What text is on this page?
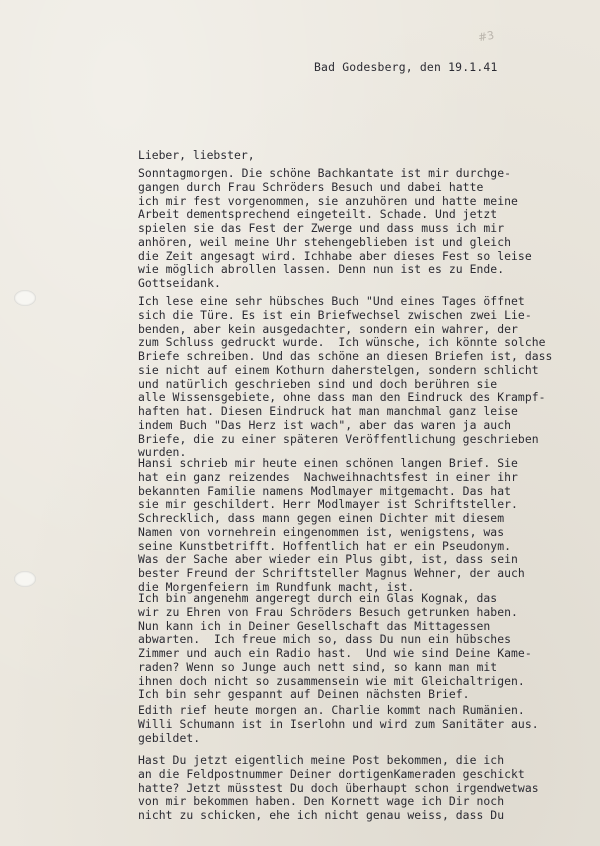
#3
Bad Godesberg, den 19.1.41
Lieber, liebster,
Sonntagmorgen. Die schöne Bachkantate ist mir durchge-
gangen durch Frau Schröders Besuch und dabei hatte
ich mir fest vorgenommen, sie anzuhören und hatte meine
Arbeit dementsprechend eingeteilt. Schade. Und jetzt
spielen sie das Fest der Zwerge und dass muss ich mir
anhören, weil meine Uhr stehengeblieben ist und gleich
die Zeit angesagt wird. Ichhabe aber dieses Fest so leise
wie möglich abrollen lassen. Denn nun ist es zu Ende.
Gottseidank.
Ich lese eine sehr hübsches Buch "Und eines Tages öffnet
sich die Türe. Es ist ein Briefwechsel zwischen zwei Lie-
benden, aber kein ausgedachter, sondern ein wahrer, der
zum Schluss gedruckt wurde.  Ich wünsche, ich könnte solche
Briefe schreiben. Und das schöne an diesen Briefen ist, dass
sie nicht auf einem Kothurn daherstelgen, sondern schlicht
und natürlich geschrieben sind und doch berühren sie
alle Wissensgebiete, ohne dass man den Eindruck des Krampf-
haften hat. Diesen Eindruck hat man manchmal ganz leise
indem Buch "Das Herz ist wach", aber das waren ja auch
Briefe, die zu einer späteren Veröffentlichung geschrieben
wurden.
Hansi schrieb mir heute einen schönen langen Brief. Sie
hat ein ganz reizendes  Nachweihnachtsfest in einer ihr
bekannten Familie namens Modlmayer mitgemacht. Das hat
sie mir geschildert. Herr Modlmayer ist Schriftsteller.
Schrecklich, dass mann gegen einen Dichter mit diesem
Namen von vornehrein eingenommen ist, wenigstens, was
seine Kunstbetrifft. Hoffentlich hat er ein Pseudonym.
Was der Sache aber wieder ein Plus gibt, ist, dass sein
bester Freund der Schriftsteller Magnus Wehner, der auch
die Morgenfeiern im Rundfunk macht, ist.
Ich bin angenehm angeregt durch ein Glas Kognak, das
wir zu Ehren von Frau Schröders Besuch getrunken haben.
Nun kann ich in Deiner Gesellschaft das Mittagessen
abwarten.  Ich freue mich so, dass Du nun ein hübsches
Zimmer und auch ein Radio hast.  Und wie sind Deine Kame-
raden? Wenn so Junge auch nett sind, so kann man mit
ihnen doch nicht so zusammensein wie mit Gleichaltrigen.
Ich bin sehr gespannt auf Deinen nächsten Brief.
Edith rief heute morgen an. Charlie kommt nach Rumänien.
Willi Schumann ist in Iserlohn und wird zum Sanitäter aus.
gebildet.
Hast Du jetzt eigentlich meine Post bekommen, die ich
an die Feldpostnummer Deiner dortigenKameraden geschickt
hatte? Jetzt müsstest Du doch überhaupt schon irgendwetwas
von mir bekommen haben. Den Kornett wage ich Dir noch
nicht zu schicken, ehe ich nicht genau weiss, dass Du
